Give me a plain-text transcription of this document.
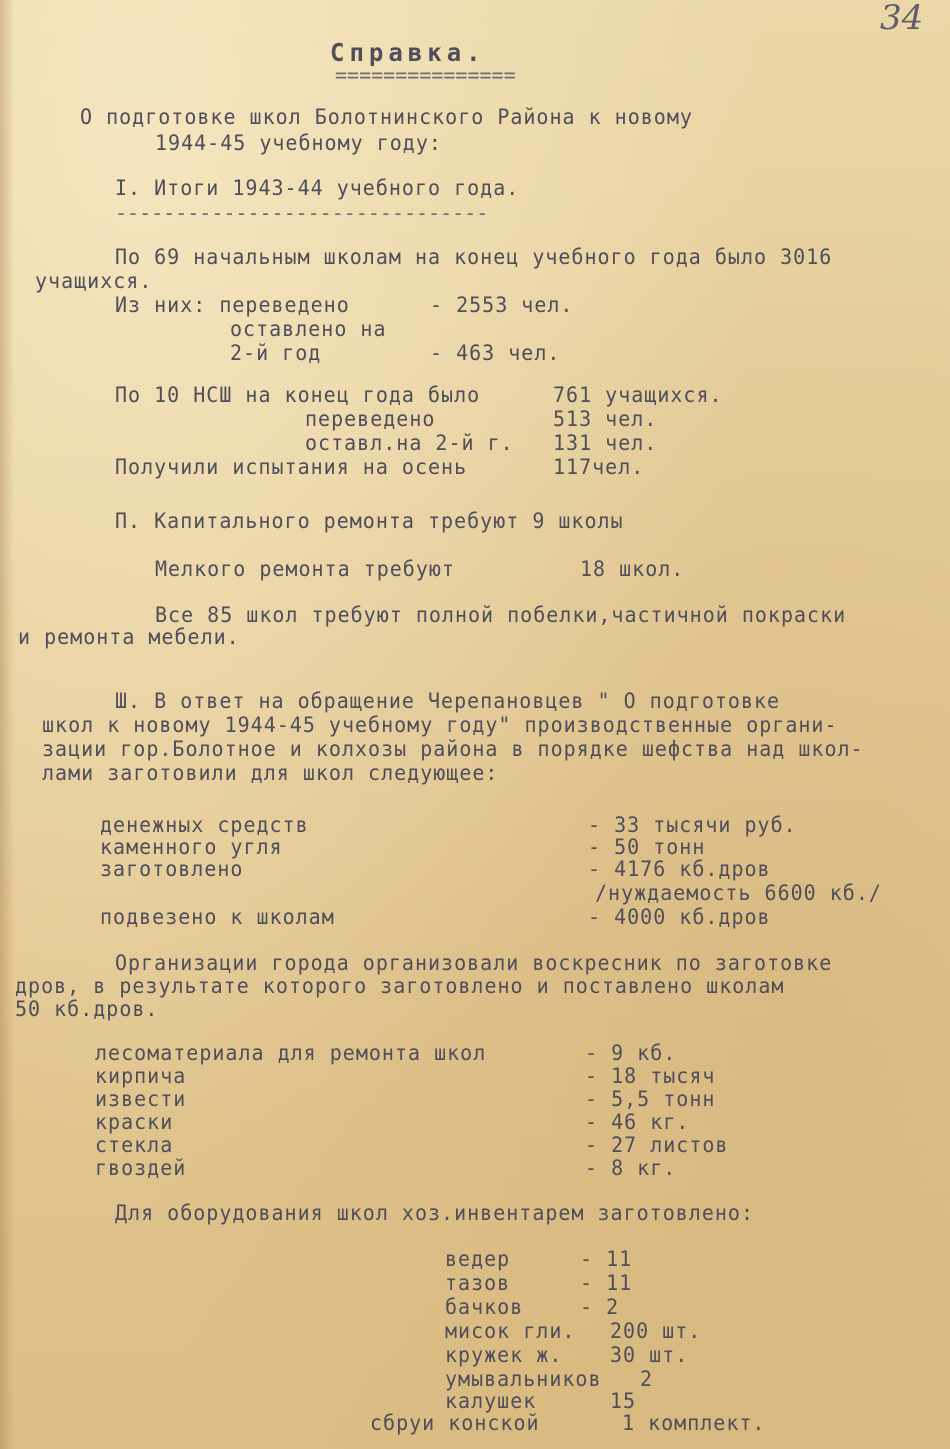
34
Справка.
===============
О подготовке школ Болотнинского Района к новому
1944-45 учебному году:
I. Итоги 1943-44 учебного года.
-------------------------------
По 69 начальным школам на конец учебного года было 3016
учащихся.
Из них: переведено	- 2553 чел.
оставлено на
2-й год	- 463 чел.
По 10 НСШ на конец года было	761 учащихся.
переведено	513 чел.
оставл.на 2-й г. 131 чел.
Получили испытания на осень	117чел.
П. Капитального ремонта требуют 9 школы
Мелкого ремонта требуют	18 школ.
Все 85 школ требуют полной побелки,частичной покраски
и ремонта мебели.
Ш. В ответ на обращение Черепановцев " О подготовке
школ к новому 1944-45 учебному году" производственные органи-
зации гор.Болотное и колхозы района в порядке шефства над школ-
лами заготовили для школ следующее:
денежных средств	- 33 тысячи руб.
каменного угля	- 50 тонн
заготовлено	- 4176 кб.дров
/нуждаемость 6600 кб./
подвезено к школам	- 4000 кб.дров
Организации города организовали воскресник по заготовке
дров, в результате которого заготовлено и поставлено школам
50 кб.дров.
лесоматериала для ремонта школ	- 9 кб.
кирпича	- 18 тысяч
извести	- 5,5 тонн
краски	- 46 кг.
стекла	- 27 листов
гвоздей	- 8 кг.
Для оборудования школ хоз.инвентарем заготовлено:
ведер	- 11
тазов	- 11
бачков	- 2
мисок гли. 200 шт.
кружек ж. 30 шт.
умывальников 2
калушек	15
сбруи конской	1 комплект.
